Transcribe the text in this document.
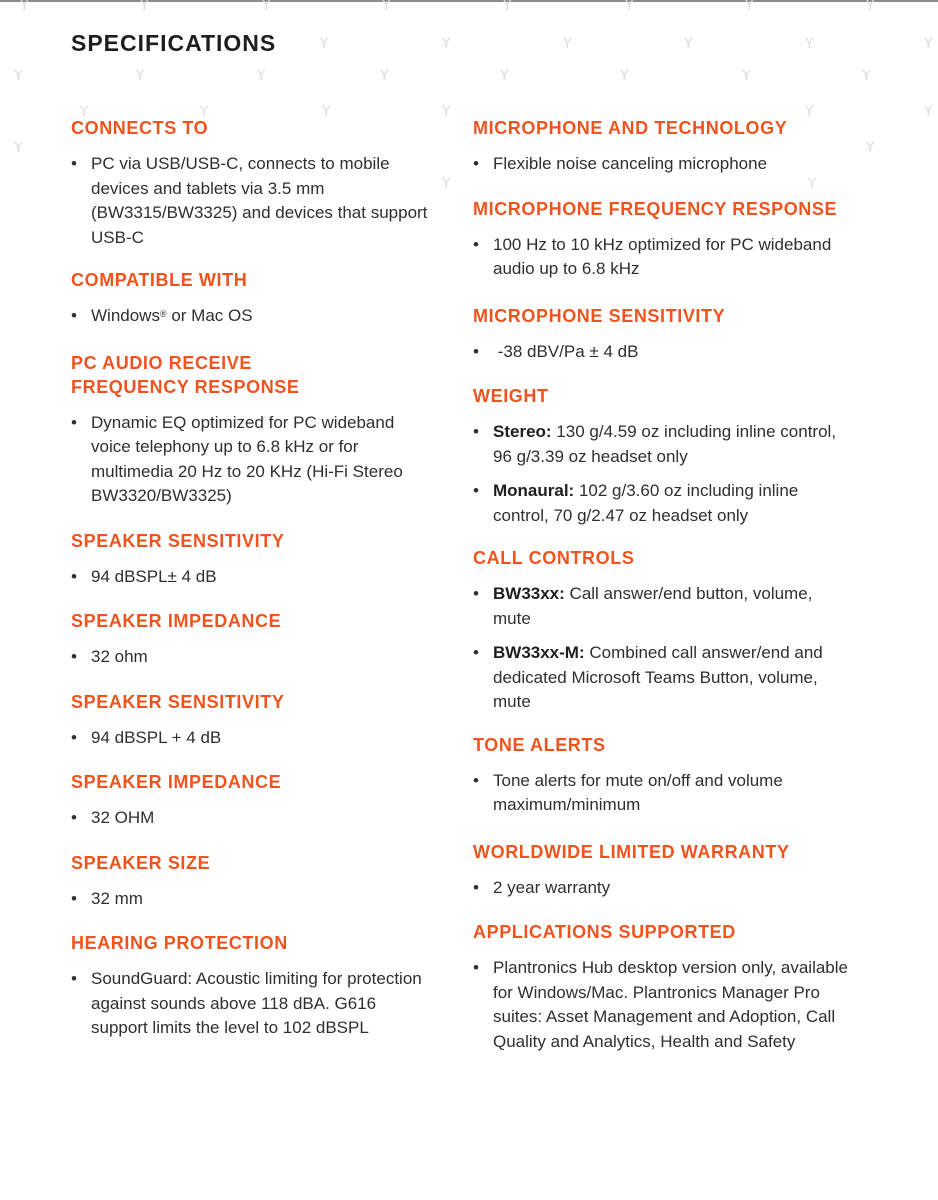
Y	Y	Y	Y	Y	Y	Y	Y
Y	Y	Y	Y	Y	Y
Y	Y	Y	Y	Y	Y	Y	Y
Y	Y	Y	Y	Y	Y
Y
Y	Y
Y
SPECIFICATIONS
CONNECTS TO
• PC via USB/USB-C, connects to mobile devices and tablets via 3.5 mm (BW3315/BW3325) and devices that support USB-C
COMPATIBLE WITH
• Windows® or Mac OS
PC AUDIO RECEIVE
FREQUENCY RESPONSE
• Dynamic EQ optimized for PC wideband voice telephony up to 6.8 kHz or for multimedia 20 Hz to 20 KHz (Hi-Fi Stereo BW3320/BW3325)
SPEAKER SENSITIVITY
• 94 dBSPL± 4 dB
SPEAKER IMPEDANCE
• 32 ohm
SPEAKER SENSITIVITY
• 94 dBSPL + 4 dB
SPEAKER IMPEDANCE
• 32 OHM
SPEAKER SIZE
• 32 mm
HEARING PROTECTION
• SoundGuard: Acoustic limiting for protection against sounds above 118 dBA. G616 support limits the level to 102 dBSPL
MICROPHONE AND TECHNOLOGY
• Flexible noise canceling microphone
MICROPHONE FREQUENCY RESPONSE
• 100 Hz to 10 kHz optimized for PC wideband audio up to 6.8 kHz
MICROPHONE SENSITIVITY
•  -38 dBV/Pa ± 4 dB
WEIGHT
• Stereo: 130 g/4.59 oz including inline control, 96 g/3.39 oz headset only
• Monaural: 102 g/3.60 oz including inline control, 70 g/2.47 oz headset only
CALL CONTROLS
• BW33xx: Call answer/end button, volume, mute
• BW33xx-M: Combined call answer/end and dedicated Microsoft Teams Button, volume, mute
TONE ALERTS
• Tone alerts for mute on/off and volume maximum/minimum
WORLDWIDE LIMITED WARRANTY
• 2 year warranty
APPLICATIONS SUPPORTED
• Plantronics Hub desktop version only, available for Windows/Mac. Plantronics Manager Pro suites: Asset Management and Adoption, Call Quality and Analytics, Health and Safety
